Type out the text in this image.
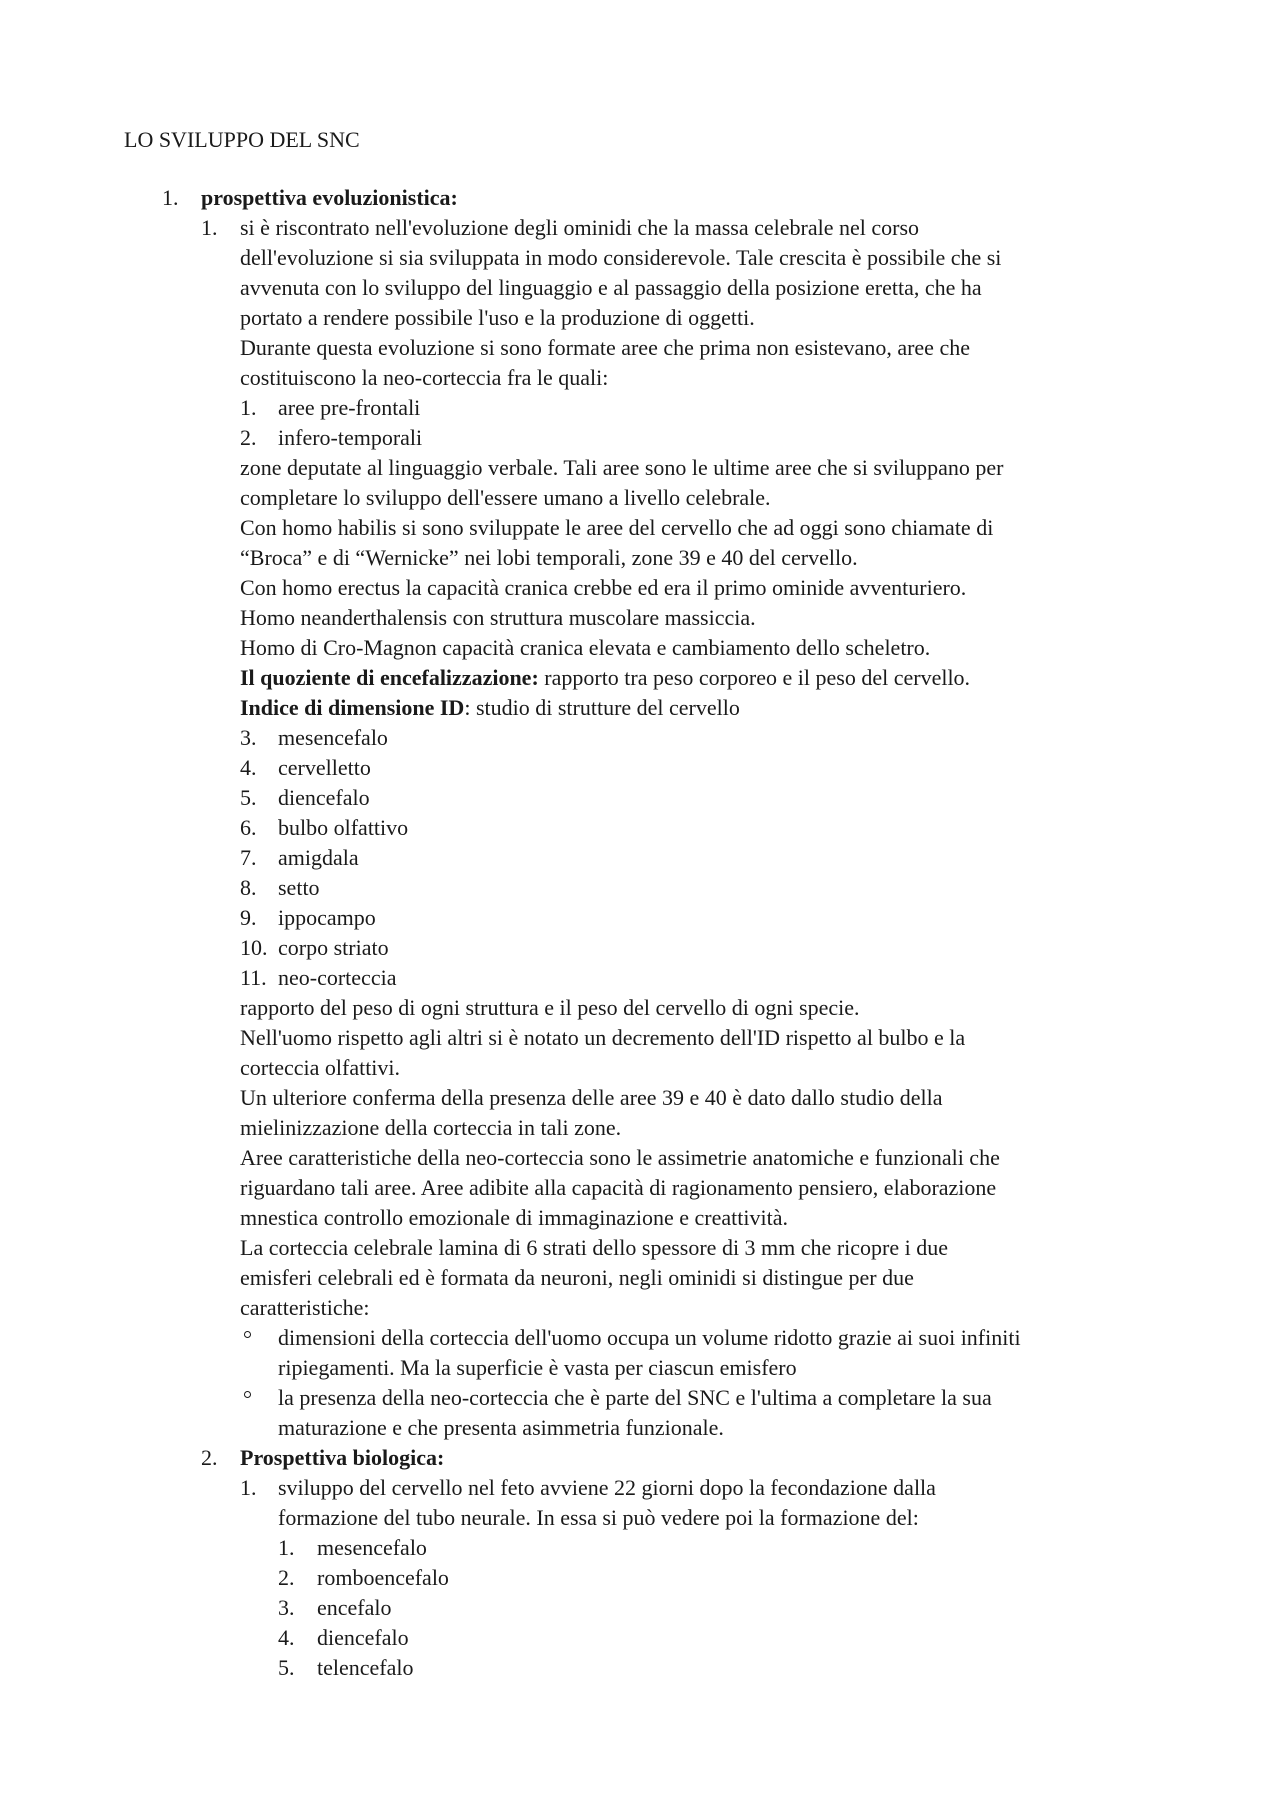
LO SVILUPPO DEL SNC
1. prospettiva evoluzionistica:
1. si è riscontrato nell'evoluzione degli ominidi che la massa celebrale nel corso
dell'evoluzione si sia sviluppata in modo considerevole. Tale crescita è possibile che si
avvenuta con lo sviluppo del linguaggio e al passaggio della posizione eretta, che ha
portato a rendere possibile l'uso e la produzione di oggetti.
Durante questa evoluzione si sono formate aree che prima non esistevano, aree che
costituiscono la neo-corteccia fra le quali:
1. aree pre-frontali
2. infero-temporali
zone deputate al linguaggio verbale. Tali aree sono le ultime aree che si sviluppano per
completare lo sviluppo dell'essere umano a livello celebrale.
Con homo habilis si sono sviluppate le aree del cervello che ad oggi sono chiamate di
“Broca” e di “Wernicke” nei lobi temporali, zone 39 e 40 del cervello.
Con homo erectus la capacità cranica crebbe ed era il primo ominide avventuriero.
Homo neanderthalensis con struttura muscolare massiccia.
Homo di Cro-Magnon capacità cranica elevata e cambiamento dello scheletro.
Il quoziente di encefalizzazione: rapporto tra peso corporeo e il peso del cervello.
Indice di dimensione ID: studio di strutture del cervello
3. mesencefalo
4. cervelletto
5. diencefalo
6. bulbo olfattivo
7. amigdala
8. setto
9. ippocampo
10. corpo striato
11. neo-corteccia
rapporto del peso di ogni struttura e il peso del cervello di ogni specie.
Nell'uomo rispetto agli altri si è notato un decremento dell'ID rispetto al bulbo e la
corteccia olfattivi.
Un ulteriore conferma della presenza delle aree 39 e 40 è dato dallo studio della
mielinizzazione della corteccia in tali zone.
Aree caratteristiche della neo-corteccia sono le assimetrie anatomiche e funzionali che
riguardano tali aree. Aree adibite alla capacità di ragionamento pensiero, elaborazione
mnestica controllo emozionale di immaginazione e creattività.
La corteccia celebrale lamina di 6 strati dello spessore di 3 mm che ricopre i due
emisferi celebrali ed è formata da neuroni, negli ominidi si distingue per due
caratteristiche:
dimensioni della corteccia dell'uomo occupa un volume ridotto grazie ai suoi infiniti
ripiegamenti. Ma la superficie è vasta per ciascun emisfero
la presenza della neo-corteccia che è parte del SNC e l'ultima a completare la sua
maturazione e che presenta asimmetria funzionale.
2. Prospettiva biologica:
1. sviluppo del cervello nel feto avviene 22 giorni dopo la fecondazione dalla
formazione del tubo neurale. In essa si può vedere poi la formazione del:
1. mesencefalo
2. romboencefalo
3. encefalo
4. diencefalo
5. telencefalo
